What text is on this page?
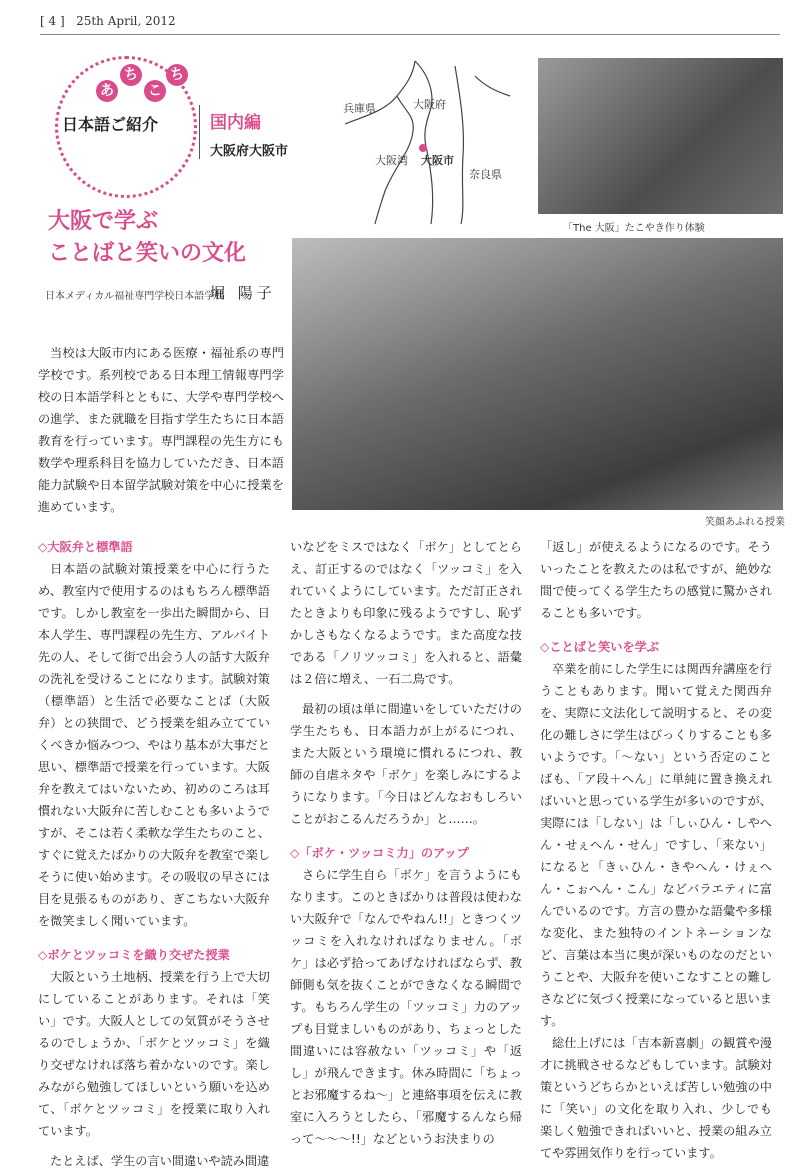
[ 4 ] 25th April, 2012
あ
ち
こ
ち
日本語ご紹介	国内編
大阪府大阪市
兵庫県	大阪府
大阪湾 大阪市
奈良県
「The 大阪」たこやき作り体験
笑顔あふれる授業
大阪で学ぶ
ことばと笑いの文化
日本メディカル福祉専門学校日本語学科
堀 陽子

当校は大阪市内にある医療・福祉系の専門学校です。系列校である日本理工情報専門学校の日本語学科とともに、大学や専門学校への進学、また就職を目指す学生たちに日本語教育を行っています。専門課程の先生方にも数学や理系科目を協力していただき、日本語能力試験や日本留学試験対策を中心に授業を進めています。

◇大阪弁と標準語

日本語の試験対策授業を中心に行うため、教室内で使用するのはもちろん標準語です。しかし教室を一歩出た瞬間から、日本人学生、専門課程の先生方、アルバイト先の人、そして街で出会う人の話す大阪弁の洗礼を受けることになります。試験対策（標準語）と生活で必要なことば（大阪弁）との狭間で、どう授業を組み立てていくべきか悩みつつ、やはり基本が大事だと思い、標準語で授業を行っています。大阪弁を教えてはいないため、初めのころは耳慣れない大阪弁に苦しむことも多いようですが、そこは若く柔軟な学生たちのこと、すぐに覚えたばかりの大阪弁を教室で楽しそうに使い始めます。その吸収の早さには目を見張るものがあり、ぎこちない大阪弁を微笑ましく聞いています。

◇ボケとツッコミを織り交ぜた授業

大阪という土地柄、授業を行う上で大切にしていることがあります。それは「笑い」です。大阪人としての気質がそうさせるのでしょうか、「ボケとツッコミ」を織り交ぜなければ落ち着かないのです。楽しみながら勉強してほしいという願いを込めて、「ボケとツッコミ」を授業に取り入れています。

たとえば、学生の言い間違いや読み間違

いなどをミスではなく「ボケ」としてとらえ、訂正するのではなく「ツッコミ」を入れていくようにしています。ただ訂正されたときよりも印象に残るようですし、恥ずかしさもなくなるようです。また高度な技である「ノリツッコミ」を入れると、語彙は２倍に増え、一石二鳥です。

最初の頃は単に間違いをしていただけの学生たちも、日本語力が上がるにつれ、また大阪という環境に慣れるにつれ、教師の自虐ネタや「ボケ」を楽しみにするようになります。「今日はどんなおもしろいことがおこるんだろうか」と……。

◇「ボケ・ツッコミ力」のアップ

さらに学生自ら「ボケ」を言うようにもなります。このときばかりは普段は使わない大阪弁で「なんでやねん!!」ときつくツッコミを入れなければなりません。「ボケ」は必ず拾ってあげなければならず、教師側も気を抜くことができなくなる瞬間です。もちろん学生の「ツッコミ」力のアップも目覚ましいものがあり、ちょっとした間違いには容赦ない「ツッコミ」や「返し」が飛んできます。休み時間に「ちょっとお邪魔するね～」と連絡事項を伝えに教室に入ろうとしたら、「邪魔するんなら帰って～～～!!」などというお決まりの

「返し」が使えるようになるのです。そういったことを教えたのは私ですが、絶妙な間で使ってくる学生たちの感覚に驚かされることも多いです。

◇ことばと笑いを学ぶ

卒業を前にした学生には関西弁講座を行うこともあります。聞いて覚えた関西弁を、実際に文法化して説明すると、その変化の難しさに学生はびっくりすることも多いようです。「～ない」という否定のことばも、「ア段＋へん」に単純に置き換えればいいと思っている学生が多いのですが、実際には「しない」は「しぃひん・しやへん・せぇへん・せん」ですし、「来ない」になると「きぃひん・きやへん・けぇへん・こぉへん・こん」などバラエティに富んでいるのです。方言の豊かな語彙や多様な変化、また独特のイントネーションなど、言葉は本当に奥が深いものなのだということや、大阪弁を使いこなすことの難しさなどに気づく授業になっていると思います。

総仕上げには「吉本新喜劇」の観賞や漫才に挑戦させるなどもしています。試験対策というどちらかといえば苦しい勉強の中に「笑い」の文化を取り入れ、少しでも楽しく勉強できればいいと、授業の組み立てや雰囲気作りを行っています。
